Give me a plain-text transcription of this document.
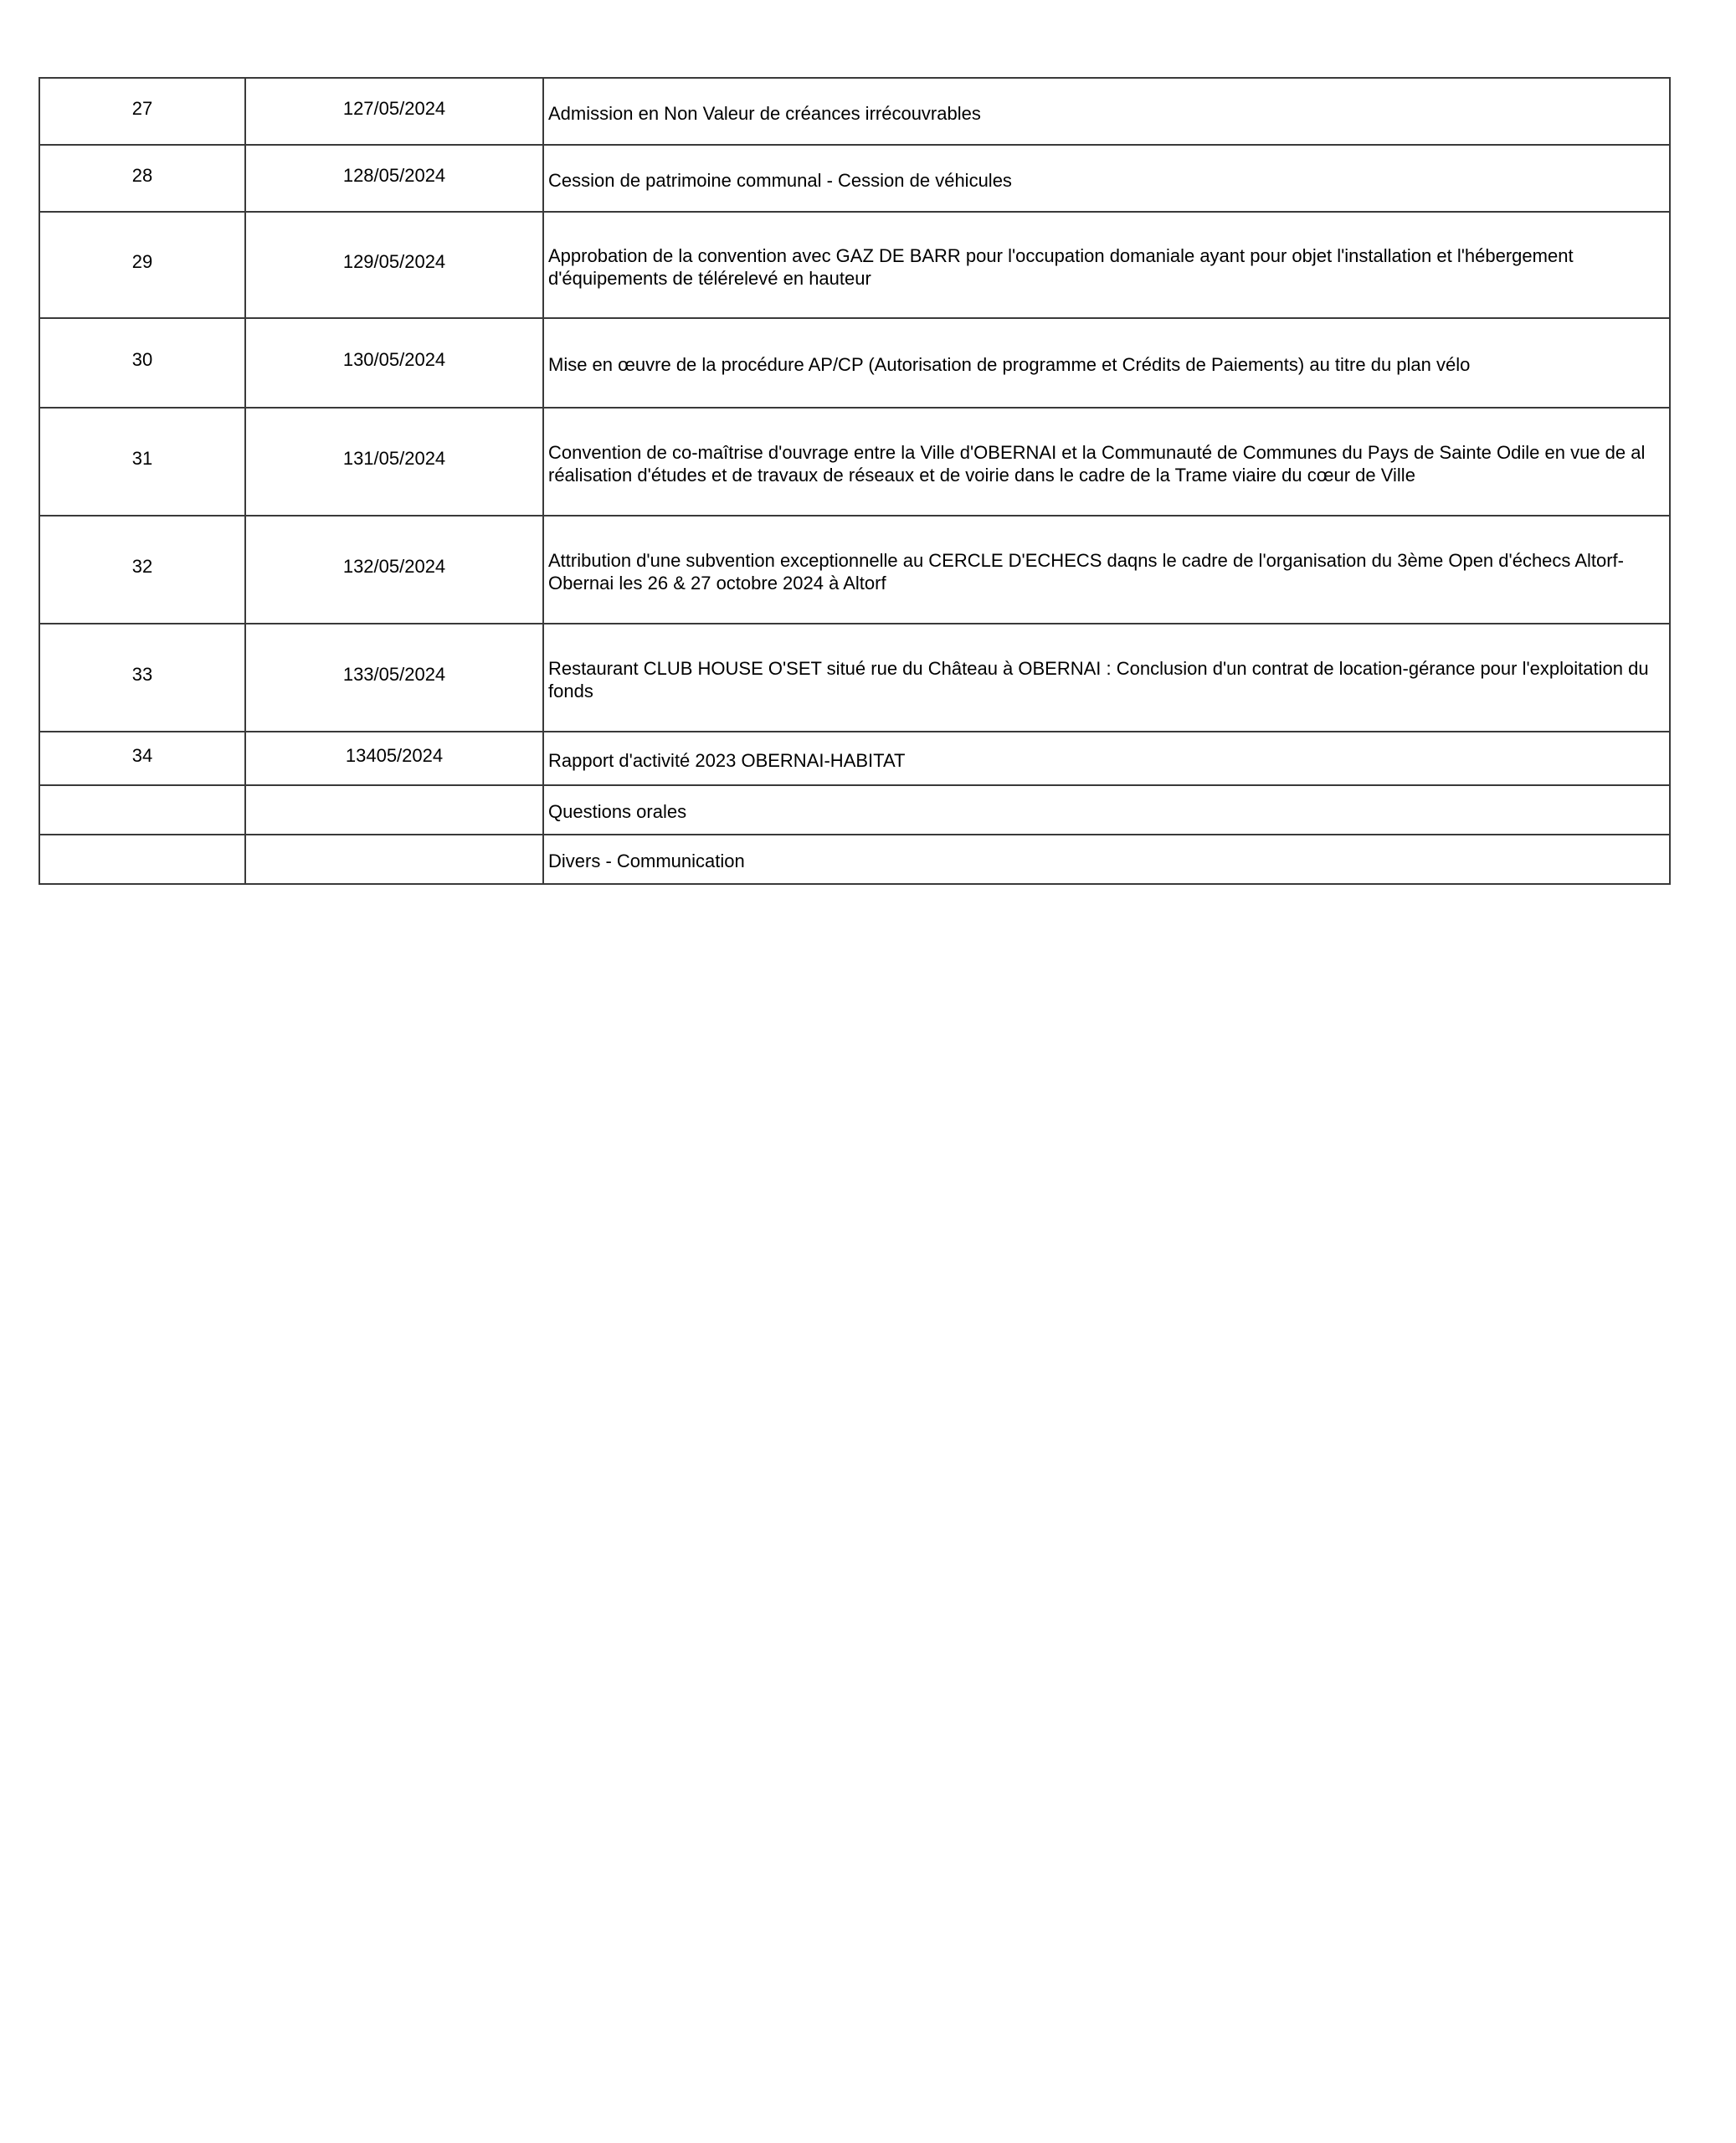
27	127/05/2024	Admission en Non Valeur de créances irrécouvrables

28	128/05/2024	Cession de patrimoine communal - Cession de véhicules

29	129/05/2024	Approbation de la convention avec GAZ DE BARR pour l'occupation domaniale ayant pour objet l'installation et l'hébergement d'équipements de télérelevé en hauteur

30	130/05/2024	Mise en œuvre de la procédure AP/CP (Autorisation de programme et Crédits de Paiements) au titre du plan vélo

31	131/05/2024	Convention de co-maîtrise d'ouvrage entre la Ville d'OBERNAI et la Communauté de Communes du Pays de Sainte Odile en vue de al réalisation d'études et de travaux de réseaux et de voirie dans le cadre de la Trame viaire du cœur de Ville

32	132/05/2024	Attribution d'une subvention exceptionnelle au CERCLE D'ECHECS daqns le cadre de l'organisation du 3ème Open d'échecs Altorf-Obernai les 26 & 27 octobre 2024 à Altorf

33	133/05/2024	Restaurant CLUB HOUSE O'SET situé rue du Château à OBERNAI : Conclusion d'un contrat de location-gérance pour l'exploitation du fonds

34	13405/2024	Rapport d'activité 2023 OBERNAI-HABITAT

		Questions orales

		Divers - Communication
